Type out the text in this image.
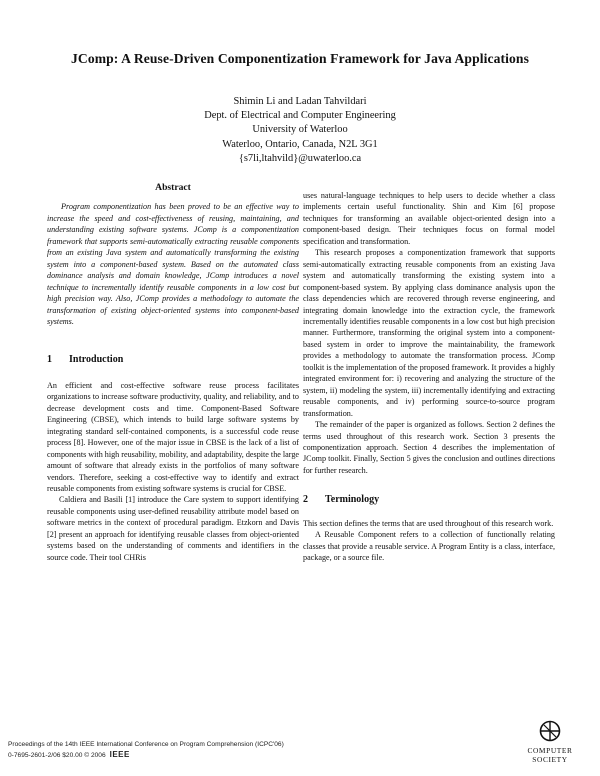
JComp: A Reuse-Driven Componentization Framework for Java Applications
Shimin Li and Ladan Tahvildari
Dept. of Electrical and Computer Engineering
University of Waterloo
Waterloo, Ontario, Canada, N2L 3G1
{s7li,ltahvild}@uwaterloo.ca
Abstract

Program componentization has been proved to be an effective way to increase the speed and cost-effectiveness of reusing, maintaining, and understanding existing software systems. JComp is a componentization framework that supports semi-automatically extracting reusable components from an existing Java system and automatically transforming the existing system into a component-based system. Based on the automated class dominance analysis and domain knowledge, JComp introduces a novel technique to incrementally identify reusable components in a low cost but high precision way. Also, JComp provides a methodology to automate the transformation of existing object-oriented systems into component-based systems.

1 Introduction

An efficient and cost-effective software reuse process facilitates organizations to increase software productivity, quality, and reliability, and to decrease development costs and time. Component-Based Software Engineering (CBSE), which intends to build large software systems by integrating standard self-contained components, is a successful code reuse process [8]. However, one of the major issue in CBSE is the lack of a list of components with high reusability, mobility, and adaptability, despite the large amount of software that already exists in the portfolios of many software vendors. Therefore, seeking a cost-effective way to identify and extract reusable components from existing software systems is crucial for CBSE.

Caldiera and Basili [1] introduce the Care system to support identifying reusable components using user-defined reusability attribute model based on software metrics in the context of procedural paradigm. Etzkorn and Davis [2] present an approach for identifying reusable classes from object-oriented systems based on the understanding of comments and identifiers in the source code. Their tool CHRis

uses natural-language techniques to help users to decide whether a class implements certain useful functionality. Shin and Kim [6] propose techniques for transforming an available object-oriented design into a component-based design. Their techniques focus on formal model specification and transformation.

This research proposes a componentization framework that supports semi-automatically extracting reusable components from an existing Java system and automatically transforming the existing system into a component-based system. By applying class dominance analysis upon the class dependencies which are recovered through reverse engineering, and integrating domain knowledge into the extraction cycle, the framework incrementally identifies reusable components in a low cost but high precision manner. Furthermore, transforming the original system into a component-based system in order to improve the maintainability, the framework provides a methodology to automate the transformation process. JComp toolkit is the implementation of the proposed framework. It provides a highly integrated environment for: i) recovering and analyzing the structure of the system, ii) modeling the system, iii) incrementally identifying and extracting reusable components, and iv) performing source-to-source program transformation.

The remainder of the paper is organized as follows. Section 2 defines the terms used throughout of this research work. Section 3 presents the componentization approach. Section 4 describes the implementation of JComp toolkit. Finally, Section 5 gives the conclusion and outlines directions for further research.

2 Terminology

This section defines the terms that are used throughout of this research work.

A Reusable Component refers to a collection of functionally relating classes that provide a reusable service. A Program Entity is a class, interface, package, or a source file.

Proceedings of the 14th IEEE International Conference on Program Comprehension (ICPC'06)
0-7695-2601-2/06 $20.00 © 2006 IEEE	COMPUTER
SOCIETY
